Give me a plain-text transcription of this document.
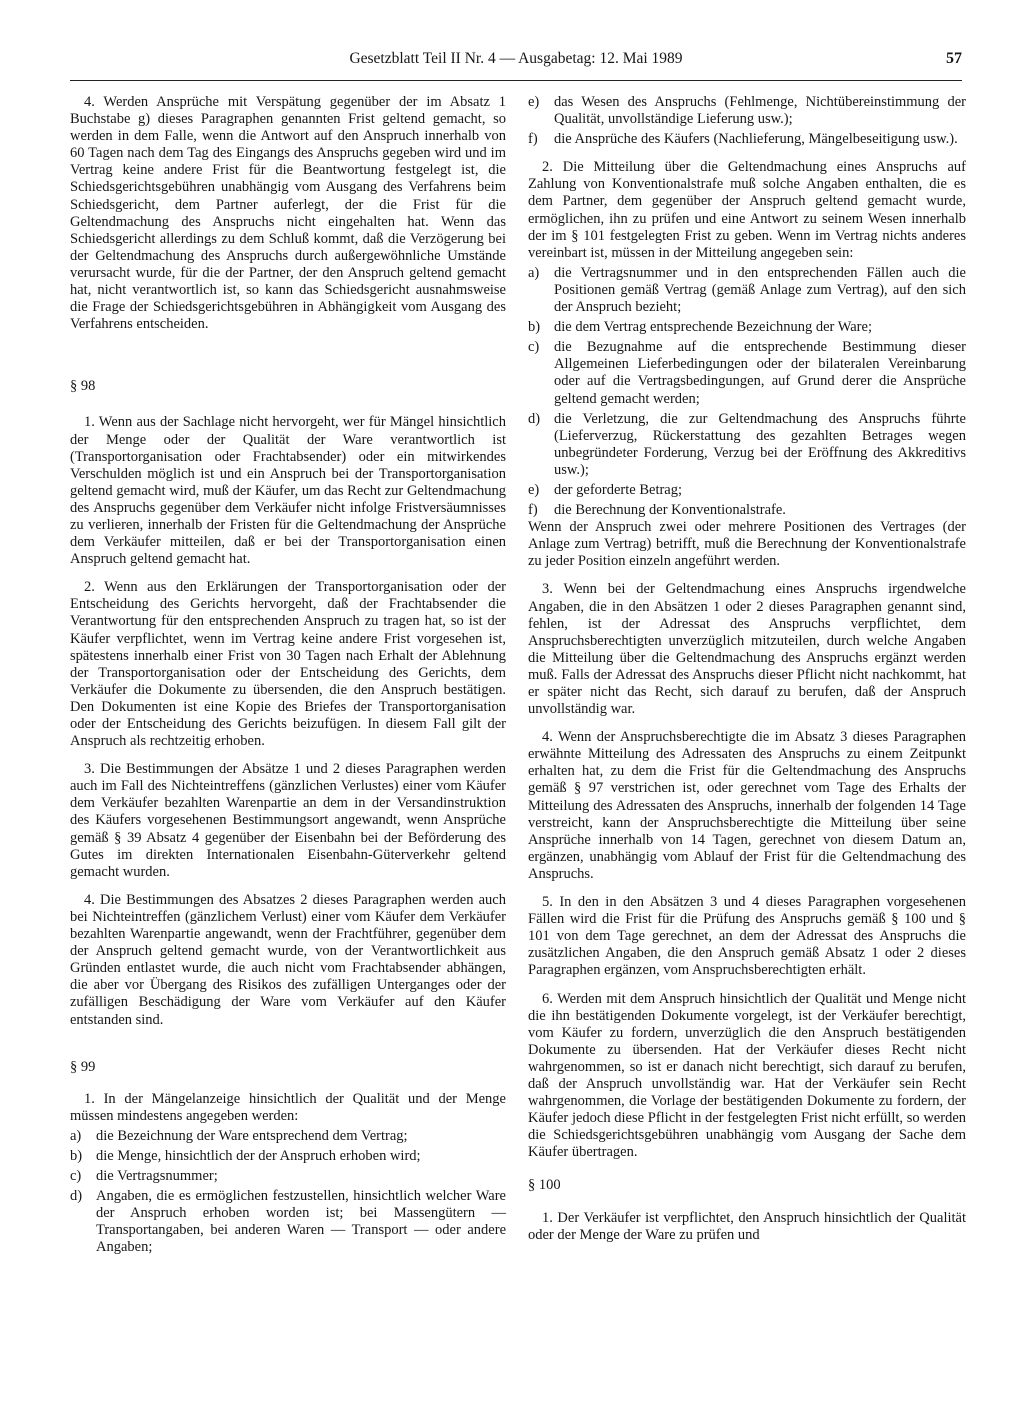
Gesetzblatt Teil II Nr. 4 — Ausgabetag: 12. Mai 1989	57

4. Werden Ansprüche mit Verspätung gegenüber der im Absatz 1 Buchstabe g) dieses Paragraphen genannten Frist geltend gemacht, so werden in dem Falle, wenn die Antwort auf den Anspruch innerhalb von 60 Tagen nach dem Tag des Eingangs des Anspruchs gegeben wird und im Vertrag keine andere Frist für die Beantwortung festgelegt ist, die Schiedsgerichtsgebühren unabhängig vom Ausgang des Verfahrens beim Schiedsgericht, dem Partner auferlegt, der die Frist für die Geltendmachung des Anspruchs nicht eingehalten hat. Wenn das Schiedsgericht allerdings zu dem Schluß kommt, daß die Verzögerung bei der Geltendmachung des Anspruchs durch außergewöhnliche Umstände verursacht wurde, für die der Partner, der den Anspruch geltend gemacht hat, nicht verantwortlich ist, so kann das Schiedsgericht ausnahmsweise die Frage der Schiedsgerichtsgebühren in Abhängigkeit vom Ausgang des Verfahrens entscheiden.

§ 98

1. Wenn aus der Sachlage nicht hervorgeht, wer für Mängel hinsichtlich der Menge oder der Qualität der Ware verantwortlich ist (Transportorganisation oder Frachtabsender) oder ein mitwirkendes Verschulden möglich ist und ein Anspruch bei der Transportorganisation geltend gemacht wird, muß der Käufer, um das Recht zur Geltendmachung des Anspruchs gegenüber dem Verkäufer nicht infolge Fristversäumnisses zu verlieren, innerhalb der Fristen für die Geltendmachung der Ansprüche dem Verkäufer mitteilen, daß er bei der Transportorganisation einen Anspruch geltend gemacht hat.

2. Wenn aus den Erklärungen der Transportorganisation oder der Entscheidung des Gerichts hervorgeht, daß der Frachtabsender die Verantwortung für den entsprechenden Anspruch zu tragen hat, so ist der Käufer verpflichtet, wenn im Vertrag keine andere Frist vorgesehen ist, spätestens innerhalb einer Frist von 30 Tagen nach Erhalt der Ablehnung der Transportorganisation oder der Entscheidung des Gerichts, dem Verkäufer die Dokumente zu übersenden, die den Anspruch bestätigen. Den Dokumenten ist eine Kopie des Briefes der Transportorganisation oder der Entscheidung des Gerichts beizufügen. In diesem Fall gilt der Anspruch als rechtzeitig erhoben.

3. Die Bestimmungen der Absätze 1 und 2 dieses Paragraphen werden auch im Fall des Nichteintreffens (gänzlichen Verlustes) einer vom Käufer dem Verkäufer bezahlten Warenpartie an dem in der Versandinstruktion des Käufers vorgesehenen Bestimmungsort angewandt, wenn Ansprüche gemäß § 39 Absatz 4 gegenüber der Eisenbahn bei der Beförderung des Gutes im direkten Internationalen Eisenbahn-Güterverkehr geltend gemacht wurden.

4. Die Bestimmungen des Absatzes 2 dieses Paragraphen werden auch bei Nichteintreffen (gänzlichem Verlust) einer vom Käufer dem Verkäufer bezahlten Warenpartie angewandt, wenn der Frachtführer, gegenüber dem der Anspruch geltend gemacht wurde, von der Verantwortlichkeit aus Gründen entlastet wurde, die auch nicht vom Frachtabsender abhängen, die aber vor Übergang des Risikos des zufälligen Unterganges oder der zufälligen Beschädigung der Ware vom Verkäufer auf den Käufer entstanden sind.

§ 99

1. In der Mängelanzeige hinsichtlich der Qualität und der Menge müssen mindestens angegeben werden:

a)	die Bezeichnung der Ware entsprechend dem Vertrag;
b) die Menge, hinsichtlich der der Anspruch erhoben wird;
c)	die Vertragsnummer;
d) Angaben, die es ermöglichen festzustellen, hinsichtlich welcher Ware der Anspruch erhoben worden ist; bei Massengütern — Transportangaben, bei anderen Waren — Transport — oder andere Angaben;
e)	das Wesen des Anspruchs (Fehlmenge, Nichtübereinstimmung der Qualität, unvollständige Lieferung usw.);
f)	die Ansprüche des Käufers (Nachlieferung, Mängelbeseitigung usw.).

2. Die Mitteilung über die Geltendmachung eines Anspruchs auf Zahlung von Konventionalstrafe muß solche Angaben enthalten, die es dem Partner, dem gegenüber der Anspruch geltend gemacht wurde, ermöglichen, ihn zu prüfen und eine Antwort zu seinem Wesen innerhalb der im § 101 festgelegten Frist zu geben. Wenn im Vertrag nichts anderes vereinbart ist, müssen in der Mitteilung angegeben sein:

a)	die Vertragsnummer und in den entsprechenden Fällen auch die Positionen gemäß Vertrag (gemäß Anlage zum Vertrag), auf den sich der Anspruch bezieht;
b) die dem Vertrag entsprechende Bezeichnung der Ware;
c)	die Bezugnahme auf die entsprechende Bestimmung dieser Allgemeinen Lieferbedingungen oder der bilateralen Vereinbarung oder auf die Vertragsbedingungen, auf Grund derer die Ansprüche geltend gemacht werden;
d) die Verletzung, die zur Geltendmachung des Anspruchs führte (Lieferverzug, Rückerstattung des gezahlten Betrages wegen unbegründeter Forderung, Verzug bei der Eröffnung des Akkreditivs usw.);
e)	der geforderte Betrag;
f)	die Berechnung der Konventionalstrafe.

Wenn der Anspruch zwei oder mehrere Positionen des Vertrages (der Anlage zum Vertrag) betrifft, muß die Berechnung der Konventionalstrafe zu jeder Position einzeln angeführt werden.

3. Wenn bei der Geltendmachung eines Anspruchs irgendwelche Angaben, die in den Absätzen 1 oder 2 dieses Paragraphen genannt sind, fehlen, ist der Adressat des Anspruchs verpflichtet, dem Anspruchsberechtigten unverzüglich mitzuteilen, durch welche Angaben die Mitteilung über die Geltendmachung des Anspruchs ergänzt werden muß. Falls der Adressat des Anspruchs dieser Pflicht nicht nachkommt, hat er später nicht das Recht, sich darauf zu berufen, daß der Anspruch unvollständig war.

4. Wenn der Anspruchsberechtigte die im Absatz 3 dieses Paragraphen erwähnte Mitteilung des Adressaten des Anspruchs zu einem Zeitpunkt erhalten hat, zu dem die Frist für die Geltendmachung des Anspruchs gemäß § 97 verstrichen ist, oder gerechnet vom Tage des Erhalts der Mitteilung des Adressaten des Anspruchs, innerhalb der folgenden 14 Tage verstreicht, kann der Anspruchsberechtigte die Mitteilung über seine Ansprüche innerhalb von 14 Tagen, gerechnet von diesem Datum an, ergänzen, unabhängig vom Ablauf der Frist für die Geltendmachung des Anspruchs.

5. In den in den Absätzen 3 und 4 dieses Paragraphen vorgesehenen Fällen wird die Frist für die Prüfung des Anspruchs gemäß § 100 und § 101 von dem Tage gerechnet, an dem der Adressat des Anspruchs die zusätzlichen Angaben, die den Anspruch gemäß Absatz 1 oder 2 dieses Paragraphen ergänzen, vom Anspruchsberechtigten erhält.

6. Werden mit dem Anspruch hinsichtlich der Qualität und Menge nicht die ihn bestätigenden Dokumente vorgelegt, ist der Verkäufer berechtigt, vom Käufer zu fordern, unverzüglich die den Anspruch bestätigenden Dokumente zu übersenden. Hat der Verkäufer dieses Recht nicht wahrgenommen, so ist er danach nicht berechtigt, sich darauf zu berufen, daß der Anspruch unvollständig war. Hat der Verkäufer sein Recht wahrgenommen, die Vorlage der bestätigenden Dokumente zu fordern, der Käufer jedoch diese Pflicht in der festgelegten Frist nicht erfüllt, so werden die Schiedsgerichtsgebühren unabhängig vom Ausgang der Sache dem Käufer übertragen.

§ 100

1. Der Verkäufer ist verpflichtet, den Anspruch hinsichtlich der Qualität oder der Menge der Ware zu prüfen und
